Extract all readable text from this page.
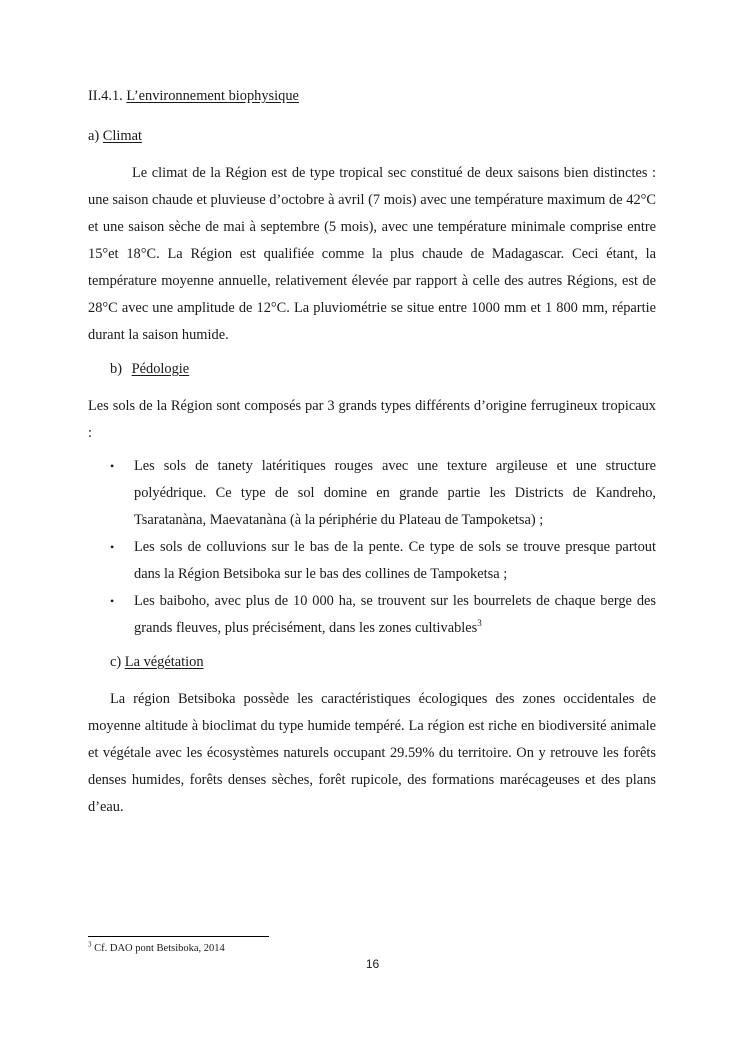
II.4.1. L’environnement biophysique

a) Climat

Le climat de la Région est de type tropical sec constitué de deux saisons bien distinctes : une saison chaude et pluvieuse d’octobre à avril (7 mois) avec une température maximum de 42°C et une saison sèche de mai à septembre (5 mois), avec une température minimale comprise entre 15°et 18°C. La Région est qualifiée comme la plus chaude de Madagascar. Ceci étant, la température moyenne annuelle, relativement élevée par rapport à celle des autres Régions, est de 28°C avec une amplitude de 12°C. La pluviométrie se situe entre 1000 mm et 1 800 mm, répartie durant la saison humide.

b) Pédologie

Les sols de la Région sont composés par 3 grands types différents d’origine ferrugineux tropicaux :

• Les sols de tanety latéritiques rouges avec une texture argileuse et une structure polyédrique. Ce type de sol domine en grande partie les Districts de Kandreho, Tsaratanàna, Maevatanàna (à la périphérie du Plateau de Tampoketsa) ;
• Les sols de colluvions sur le bas de la pente. Ce type de sols se trouve presque partout dans la Région Betsiboka sur le bas des collines de Tampoketsa ;
• Les baiboho, avec plus de 10 000 ha, se trouvent sur les bourrelets de chaque berge des grands fleuves, plus précisément, dans les zones cultivables$^3$

c) La végétation

La région Betsiboka possède les caractéristiques écologiques des zones occidentales de moyenne altitude à bioclimat du type humide tempéré. La région est riche en biodiversité animale et végétale avec les écosystèmes naturels occupant 29.59% du territoire. On y retrouve les forêts denses humides, forêts denses sèches, forêt rupicole, des formations marécageuses et des plans d’eau.

$^3$ Cf. DAO pont Betsiboka, 2014
16
